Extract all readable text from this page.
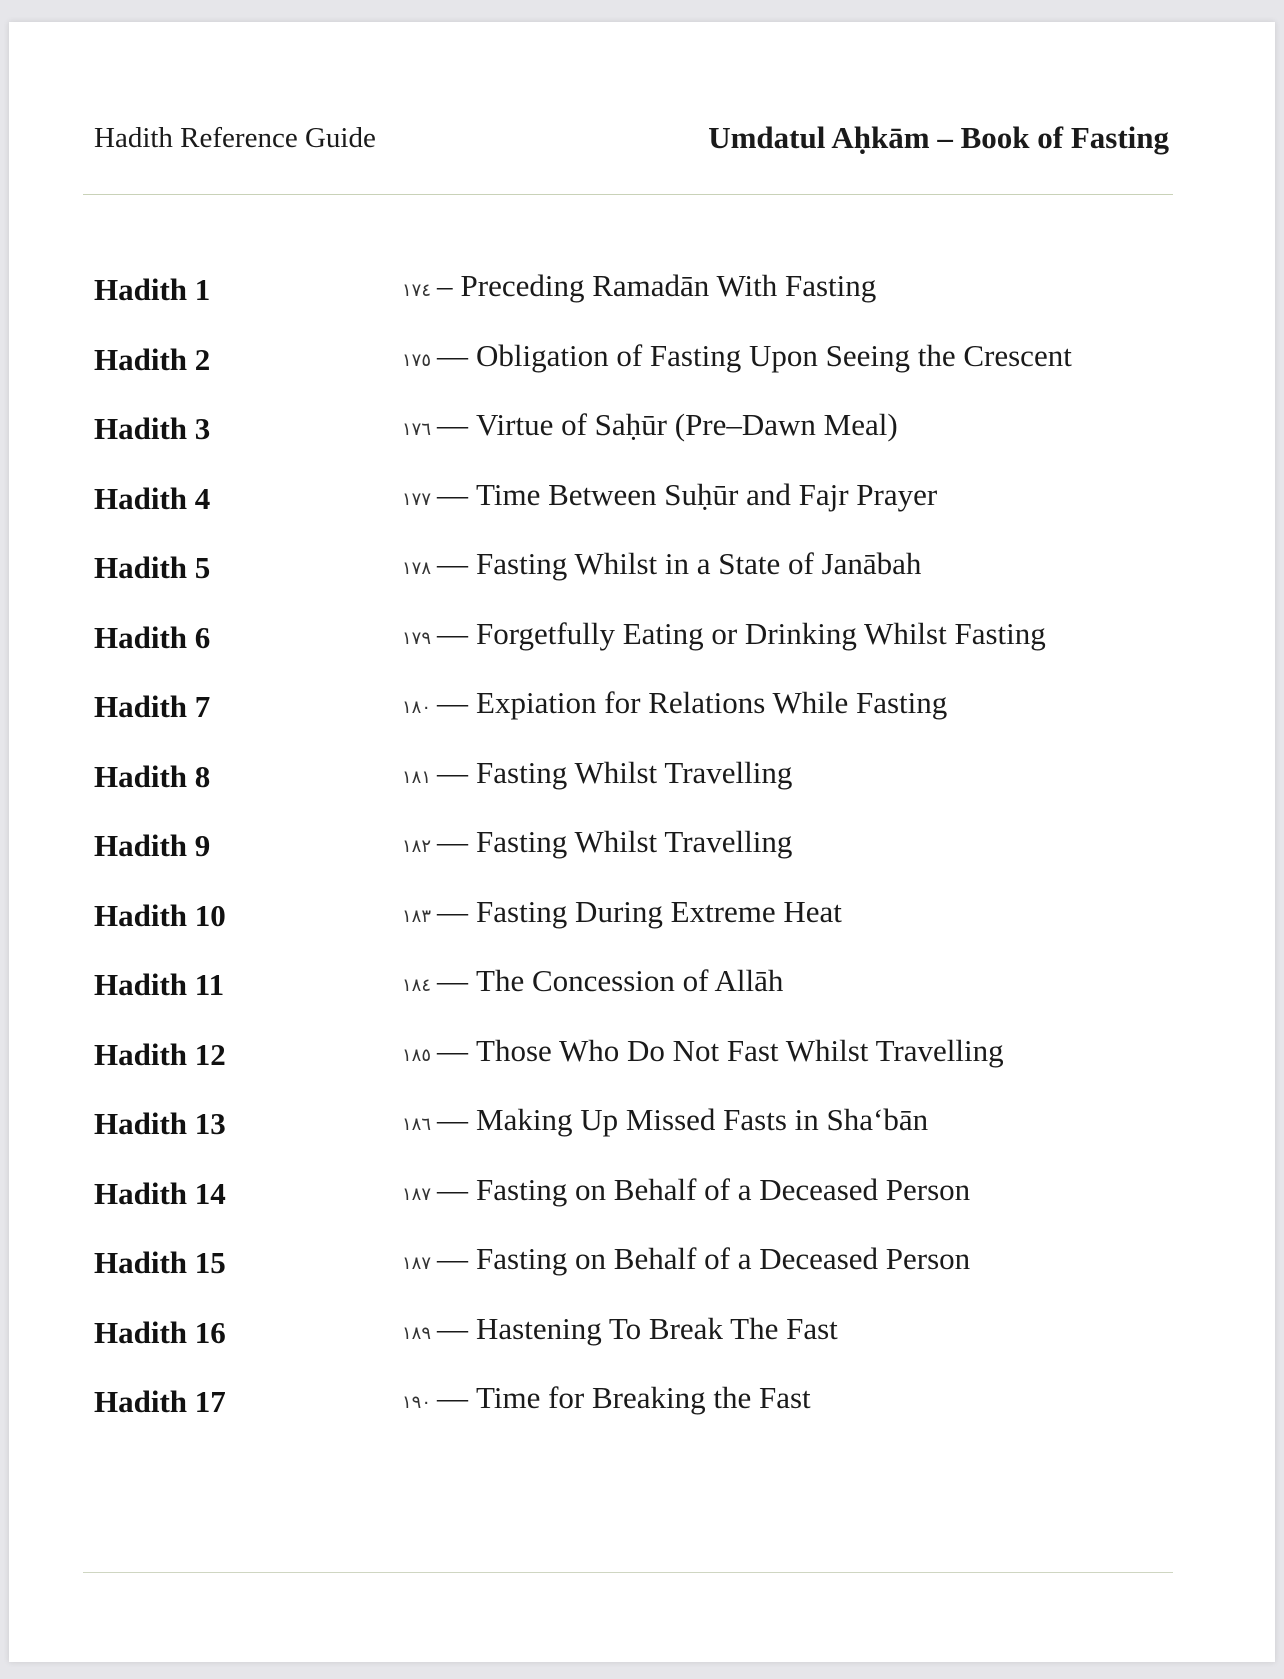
Hadith Reference Guide	Umdatul Aḥkām – Book of Fasting
Hadith 1	١٧٤ – Preceding Ramadān With Fasting
Hadith 2	١٧٥ — Obligation of Fasting Upon Seeing the Crescent
Hadith 3	١٧٦ — Virtue of Saḥūr (Pre–Dawn Meal)
Hadith 4	١٧٧ — Time Between Suḥūr and Fajr Prayer
Hadith 5	١٧٨ — Fasting Whilst in a State of Janābah
Hadith 6	١٧٩ — Forgetfully Eating or Drinking Whilst Fasting
Hadith 7	١٨٠ — Expiation for Relations While Fasting
Hadith 8	١٨١ — Fasting Whilst Travelling
Hadith 9	١٨٢ — Fasting Whilst Travelling
Hadith 10	١٨٣ — Fasting During Extreme Heat
Hadith 11	١٨٤ — The Concession of Allāh
Hadith 12	١٨٥ — Those Who Do Not Fast Whilst Travelling
Hadith 13	١٨٦ — Making Up Missed Fasts in Sha‘bān
Hadith 14	١٨٧ — Fasting on Behalf of a Deceased Person
Hadith 15	١٨٧ — Fasting on Behalf of a Deceased Person
Hadith 16	١٨٩ — Hastening To Break The Fast
Hadith 17	١٩٠ — Time for Breaking the Fast
